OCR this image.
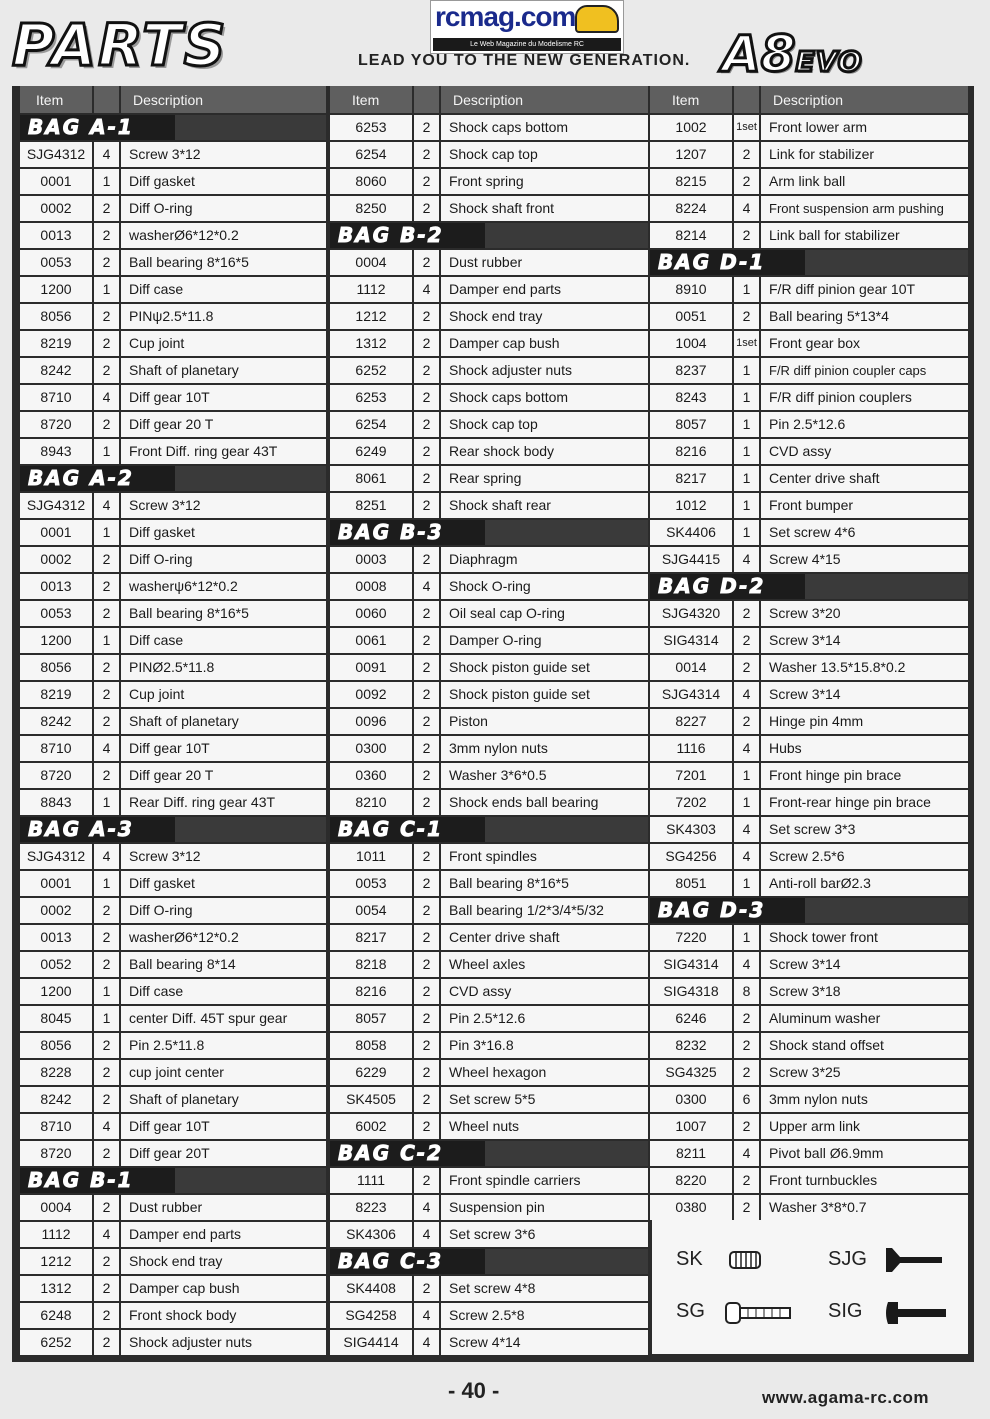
PARTS	rcmag.com
Le Web Magazine du Modelisme RC
LEAD YOU TO THE NEW GENERATION. A8EVO
Item	Description
BAG A-1
SJG4312	4	Screw 3*12
0001	1	Diff gasket
0002	2	Diff O-ring
0013	2	washerØ6*12*0.2
0053	2	Ball bearing 8*16*5
1200	1	Diff case
8056	2	PINψ2.5*11.8
8219	2	Cup joint
8242	2	Shaft of planetary
8710	4	Diff gear 10T
8720	2	Diff gear 20 T
8943	1	Front Diff. ring gear 43T
BAG A-2
SJG4312	4	Screw 3*12
0001	1	Diff gasket
0002	2	Diff O-ring
0013	2	washerψ6*12*0.2
0053	2	Ball bearing 8*16*5
1200	1	Diff case
8056	2	PINØ2.5*11.8
8219	2	Cup joint
8242	2	Shaft of planetary
8710	4	Diff gear 10T
8720	2	Diff gear 20 T
8843	1	Rear Diff. ring gear 43T
BAG A-3
SJG4312	4	Screw 3*12
0001	1	Diff gasket
0002	2	Diff O-ring
0013	2	washerØ6*12*0.2
0052	2	Ball bearing 8*14
1200	1	Diff case
8045	1	center Diff. 45T spur gear
8056	2	Pin 2.5*11.8
8228	2	cup joint center
8242	2	Shaft of planetary
8710	4	Diff gear 10T
8720	2	Diff gear 20T
BAG B-1
0004	2	Dust rubber
1112	4	Damper end parts
1212	2	Shock end tray
1312	2	Damper cap bush
6248	2	Front shock body
6252	2	Shock adjuster nuts
Item	Description
6253	2	Shock caps bottom
6254	2	Shock cap top
8060	2	Front spring
8250	2	Shock shaft front
BAG B-2
0004	2	Dust rubber
1112	4	Damper end parts
1212	2	Shock end tray
1312	2	Damper cap bush
6252	2	Shock adjuster nuts
6253	2	Shock caps bottom
6254	2	Shock cap top
6249	2	Rear shock body
8061	2	Rear spring
8251	2	Shock shaft rear
BAG B-3
0003	2	Diaphragm
0008	4	Shock O-ring
0060	2	Oil seal cap O-ring
0061	2	Damper O-ring
0091	2	Shock piston guide set
0092	2	Shock piston guide set
0096	2	Piston
0300	2	3mm nylon nuts
0360	2	Washer 3*6*0.5
8210	2	Shock ends ball bearing
BAG C-1
1011	2	Front spindles
0053	2	Ball bearing 8*16*5
0054	2	Ball bearing 1/2*3/4*5/32
8217	2	Center drive shaft
8218	2	Wheel axles
8216	2	CVD assy
8057	2	Pin 2.5*12.6
8058	2	Pin 3*16.8
6229	2	Wheel hexagon
SK4505	2	Set screw 5*5
6002	2	Wheel nuts
BAG C-2
1111	2	Front spindle carriers
8223	4	Suspension pin
SK4306	4	Set screw 3*6
BAG C-3
SK4408	2	Set screw 4*8
SG4258	4	Screw 2.5*8
SIG4414	4	Screw 4*14
Item	Description
1002	1set Front lower arm
1207	2	Link for stabilizer
8215	2	Arm link ball
8224	4	Front suspension arm pushing
8214	2	Link ball for stabilizer
BAG D-1
8910	1	F/R diff pinion gear 10T
0051	2	Ball bearing 5*13*4
1004	1set Front gear box
8237	1	F/R diff pinion coupler caps
8243	1	F/R diff pinion couplers
8057	1	Pin 2.5*12.6
8216	1	CVD assy
8217	1	Center drive shaft
1012	1	Front bumper
SK4406	1	Set screw 4*6
SJG4415	4	Screw 4*15
BAG D-2
SJG4320	2	Screw 3*20
SIG4314	2	Screw 3*14
0014	2	Washer 13.5*15.8*0.2
SJG4314	4	Screw 3*14
8227	2	Hinge pin 4mm
1116	4	Hubs
7201	1	Front hinge pin brace
7202	1	Front-rear hinge pin brace
SK4303	4	Set screw 3*3
SG4256	4	Screw 2.5*6
8051	1	Anti-roll barØ2.3
BAG D-3
7220	1	Shock tower front
SIG4314	4	Screw 3*14
SIG4318	8	Screw 3*18
6246	2	Aluminum washer
8232	2	Shock stand offset
SG4325	2	Screw 3*25
0300	6	3mm nylon nuts
1007	2	Upper arm link
8211	4	Pivot ball Ø6.9mm
8220	2	Front turnbuckles
0380	2	Washer 3*8*0.7
SK	SJG
SG	SIG
- 40 -	www.agama-rc.com
